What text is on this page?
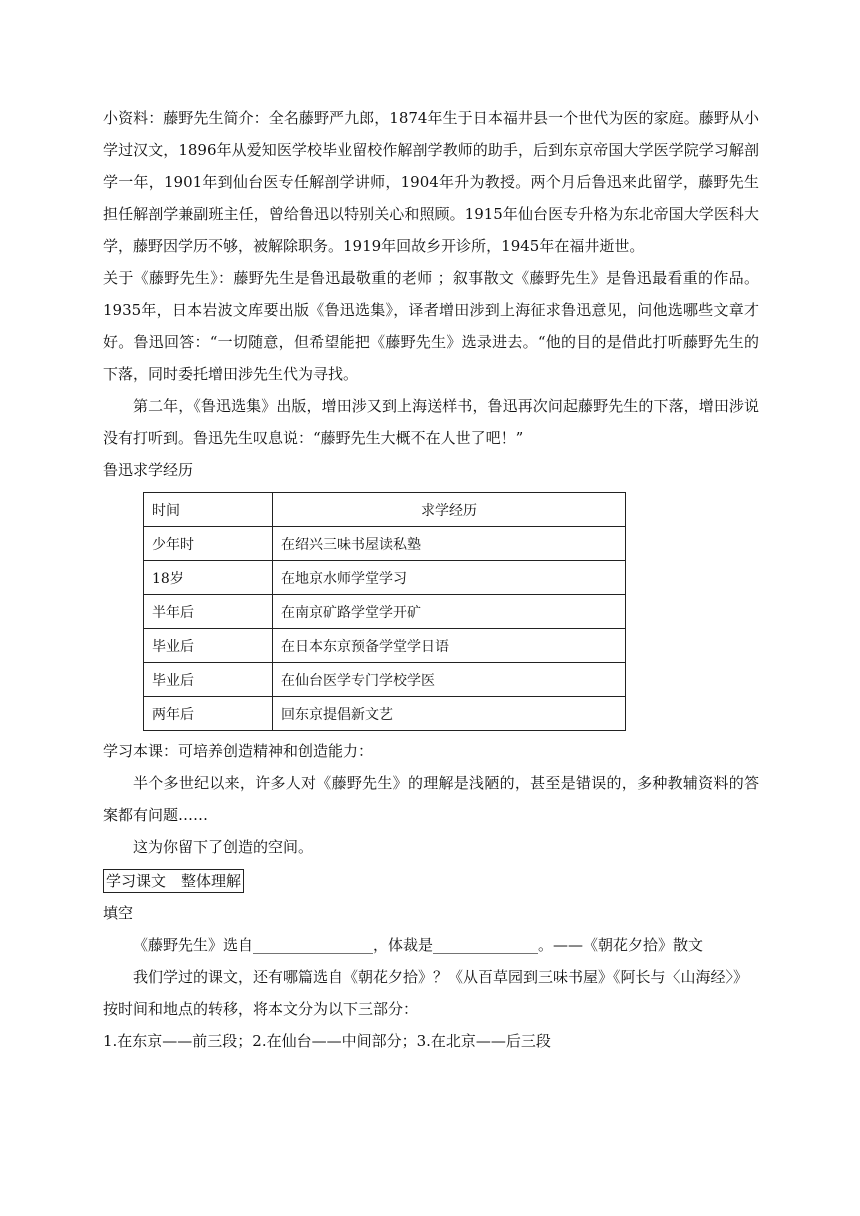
小资料：藤野先生简介：全名藤野严九郎，1874年生于日本福井县一个世代为医的家庭。藤野从小学过汉文，1896年从爱知医学校毕业留校作解剖学教师的助手，后到东京帝国大学医学院学习解剖学一年，1901年到仙台医专任解剖学讲师，1904年升为教授。两个月后鲁迅来此留学，藤野先生担任解剖学兼副班主任，曾给鲁迅以特别关心和照顾。1915年仙台医专升格为东北帝国大学医科大学，藤野因学历不够，被解除职务。1919年回故乡开诊所，1945年在福井逝世。

关于《藤野先生》：藤野先生是鲁迅最敬重的老师 ；叙事散文《藤野先生》是鲁迅最看重的作品。1935年，日本岩波文库要出版《鲁迅选集》，译者增田涉到上海征求鲁迅意见，问他选哪些文章才好。鲁迅回答：“一切随意，但希望能把《藤野先生》选录进去。“他的目的是借此打听藤野先生的下落，同时委托增田涉先生代为寻找。

第二年，《鲁迅选集》出版，增田涉又到上海送样书，鲁迅再次问起藤野先生的下落，增田涉说没有打听到。鲁迅先生叹息说：“藤野先生大概不在人世了吧！”

鲁迅求学经历

时间	求学经历
少年时	在绍兴三味书屋读私塾
18岁	在地京水师学堂学习
半年后	在南京矿路学堂学开矿
毕业后	在日本东京预备学堂学日语
毕业后	在仙台医学专门学校学医
两年后	回东京提倡新文艺

学习本课：可培养创造精神和创造能力：

半个多世纪以来，许多人对《藤野先生》的理解是浅陋的，甚至是错误的，多种教辅资料的答案都有问题……

这为你留下了创造的空间。

学习课文　整体理解

填空

《藤野先生》选自________________，体裁是______________。——《朝花夕拾》散文

我们学过的课文，还有哪篇选自《朝花夕拾》？《从百草园到三味书屋》《阿长与〈山海经〉》

按时间和地点的转移，将本文分为以下三部分：

1.在东京——前三段；2.在仙台——中间部分；3.在北京——后三段
